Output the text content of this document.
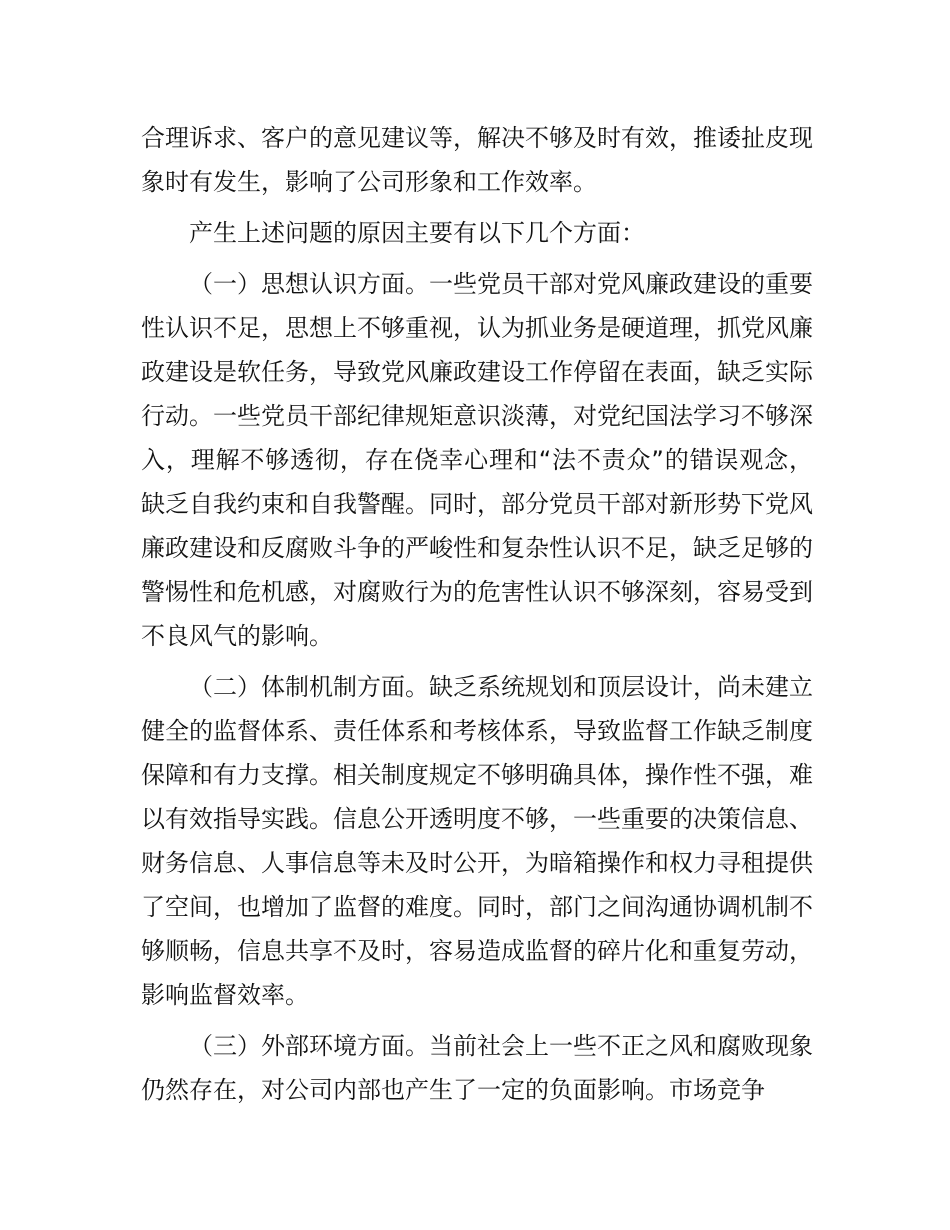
合理诉求、客户的意见建议等，解决不够及时有效，推诿扯皮现象时有发生，影响了公司形象和工作效率。

产生上述问题的原因主要有以下几个方面：

（一）思想认识方面。一些党员干部对党风廉政建设的重要性认识不足，思想上不够重视，认为抓业务是硬道理，抓党风廉政建设是软任务，导致党风廉政建设工作停留在表面，缺乏实际行动。一些党员干部纪律规矩意识淡薄，对党纪国法学习不够深入，理解不够透彻，存在侥幸心理和“法不责众”的错误观念，缺乏自我约束和自我警醒。同时，部分党员干部对新形势下党风廉政建设和反腐败斗争的严峻性和复杂性认识不足，缺乏足够的警惕性和危机感，对腐败行为的危害性认识不够深刻，容易受到不良风气的影响。

（二）体制机制方面。缺乏系统规划和顶层设计，尚未建立健全的监督体系、责任体系和考核体系，导致监督工作缺乏制度保障和有力支撑。相关制度规定不够明确具体，操作性不强，难以有效指导实践。信息公开透明度不够，一些重要的决策信息、财务信息、人事信息等未及时公开，为暗箱操作和权力寻租提供了空间，也增加了监督的难度。同时，部门之间沟通协调机制不够顺畅，信息共享不及时，容易造成监督的碎片化和重复劳动，影响监督效率。

（三）外部环境方面。当前社会上一些不正之风和腐败现象仍然存在，对公司内部也产生了一定的负面影响。市场竞争
